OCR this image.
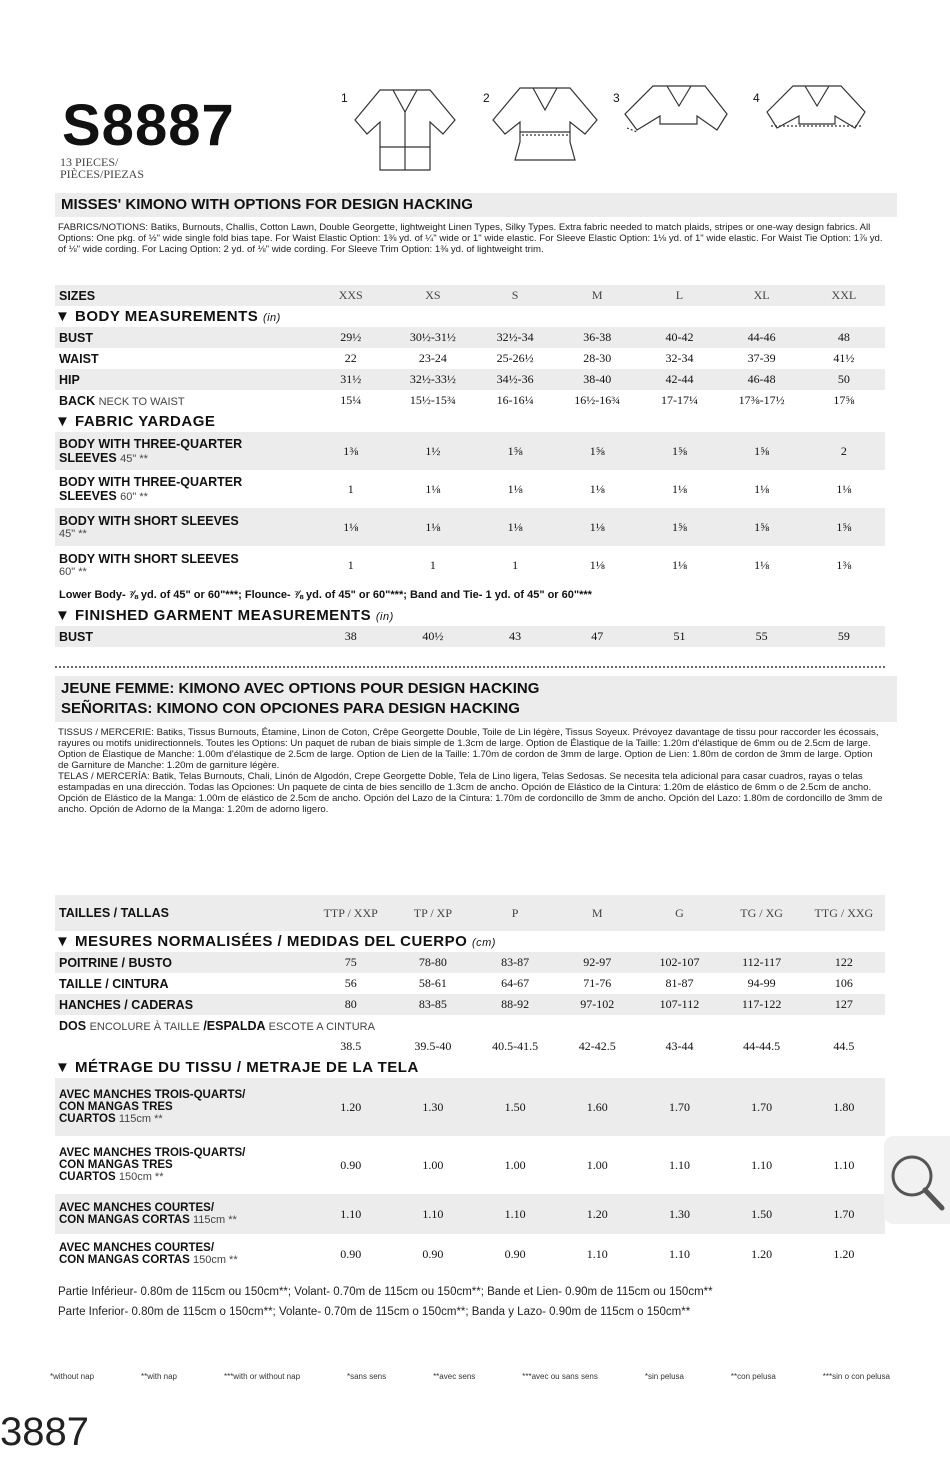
S8887
13 PIECES/
PIÈCES/PIEZAS
1	2	3	4
MISSES' KIMONO WITH OPTIONS FOR DESIGN HACKING
FABRICS/NOTIONS: Batiks, Burnouts, Challis, Cotton Lawn, Double Georgette, lightweight Linen Types, Silky Types. Extra fabric needed to match plaids, stripes or one-way design fabrics. All Options: One pkg. of ½" wide single fold bias tape. For Waist Elastic Option: 1⅜ yd. of ¼" wide or 1" wide elastic. For Sleeve Elastic Option: 1⅛ yd. of 1" wide elastic. For Waist Tie Option: 1⅞ yd. of ⅛" wide cording. For Lacing Option: 2 yd. of ⅛" wide cording. For Sleeve Trim Option: 1⅜ yd. of lightweight trim.
SIZES	XXS	XS	S	M	L	XL	XXL
▼ BODY MEASUREMENTS (in)							
BUST	29½	30½-31½	32½-34	36-38	40-42	44-46	48
WAIST	22	23-24	25-26½	28-30	32-34	37-39	41½
HIP	31½	32½-33½	34½-36	38-40	42-44	46-48	50
BACK NECK TO WAIST	15¼	15½-15¾	16-16¼	16½-16¾	17-17¼	17⅜-17½	17⅝
▼ FABRIC YARDAGE							

BODY WITH THREE-QUARTER
SLEEVES 45" **	1⅜	1½	1⅝	1⅝	1⅝	1⅝	2

BODY WITH THREE-QUARTER
SLEEVES 60" **	1	1⅛	1⅛	1⅛	1⅛	1⅛	1⅛

BODY WITH SHORT SLEEVES
45" **	1⅛	1⅛	1⅛	1⅛	1⅝	1⅝	1⅝

BODY WITH SHORT SLEEVES
60" **	1	1	1	1⅛	1⅛	1⅛	1⅜
Lower Body- ⅞ yd. of 45" or 60"***; Flounce- ⅞ yd. of 45" or 60"***; Band and Tie- 1 yd. of 45" or 60"***							
▼ FINISHED GARMENT MEASUREMENTS (in)							
BUST	38	40½	43	47	51	55	59
JEUNE FEMME: KIMONO AVEC OPTIONS POUR DESIGN HACKING
SEÑORITAS: KIMONO CON OPCIONES PARA DESIGN HACKING
TISSUS / MERCERIE: Batiks, Tissus Burnouts, Étamine, Linon de Coton, Crêpe Georgette Double, Toile de Lin légère, Tissus Soyeux. Prévoyez davantage de tissu pour raccorder les écossais, rayures ou motifs unidirectionnels. Toutes les Options: Un paquet de ruban de biais simple de 1.3cm de large. Option de Élastique de la Taille: 1.20m d'élastique de 6mm ou de 2.5cm de large. Option de Élastique de Manche: 1.00m d'élastique de 2.5cm de large. Option de Lien de la Taille: 1.70m de cordon de 3mm de large. Option de Lien: 1.80m de cordon de 3mm de large. Option de Garniture de Manche: 1.20m de garniture légère.
TELAS / MERCERÍA: Batik, Telas Burnouts, Chali, Linón de Algodón, Crepe Georgette Doble, Tela de Lino ligera, Telas Sedosas. Se necesita tela adicional para casar cuadros, rayas o telas estampadas en una dirección. Todas las Opciones: Un paquete de cinta de bies sencillo de 1.3cm de ancho. Opción de Elástico de la Cintura: 1.20m de elástico de 6mm o de 2.5cm de ancho. Opción de Elástico de la Manga: 1.00m de elástico de 2.5cm de ancho. Opción del Lazo de la Cintura: 1.70m de cordoncillo de 3mm de ancho. Opción del Lazo: 1.80m de cordoncillo de 3mm de ancho. Opción de Adorno de la Manga: 1.20m de adorno ligero.
TAILLES / TALLAS	TTP / XXP	TP / XP	P	M	G	TG / XG	TTG / XXG
▼ MESURES NORMALISÉES / MEDIDAS DEL CUERPO (cm)							
POITRINE / BUSTO	75	78-80	83-87	92-97	102-107	112-117	122
TAILLE / CINTURA	56	58-61	64-67	71-76	81-87	94-99	106
HANCHES / CADERAS	80	83-85	88-92	97-102	107-112	117-122	127
DOS ENCOLURE À TAILLE /ESPALDA ESCOTE A CINTURA							
	38.5	39.5-40	40.5-41.5	42-42.5	43-44	44-44.5	44.5
▼ MÉTRAGE DU TISSU / METRAJE DE LA TELA							

AVEC MANCHES TROIS-QUARTS/
CON MANGAS TRES
CUARTOS 115cm **	1.20	1.30	1.50	1.60	1.70	1.70	1.80

AVEC MANCHES TROIS-QUARTS/
CON MANGAS TRES
CUARTOS 150cm **	0.90	1.00	1.00	1.00	1.10	1.10	1.10

AVEC MANCHES COURTES/
CON MANGAS CORTAS 115cm **	1.10	1.10	1.10	1.20	1.30	1.50	1.70

AVEC MANCHES COURTES/
CON MANGAS CORTAS 150cm **	0.90	0.90	0.90	1.10	1.10	1.20	1.20
Partie Inférieur- 0.80m de 115cm ou 150cm**; Volant- 0.70m de 115cm ou 150cm**; Bande et Lien- 0.90m de 115cm ou 150cm**
Parte Inferior- 0.80m de 115cm o 150cm**; Volante- 0.70m de 115cm o 150cm**; Banda y Lazo- 0.90m de 115cm o 150cm**
*without nap	**with nap	***with or without nap	*sans sens	**avec sens	***avec ou sans sens	*sin pelusa	**con pelusa	***sin o con pelusa
3887
